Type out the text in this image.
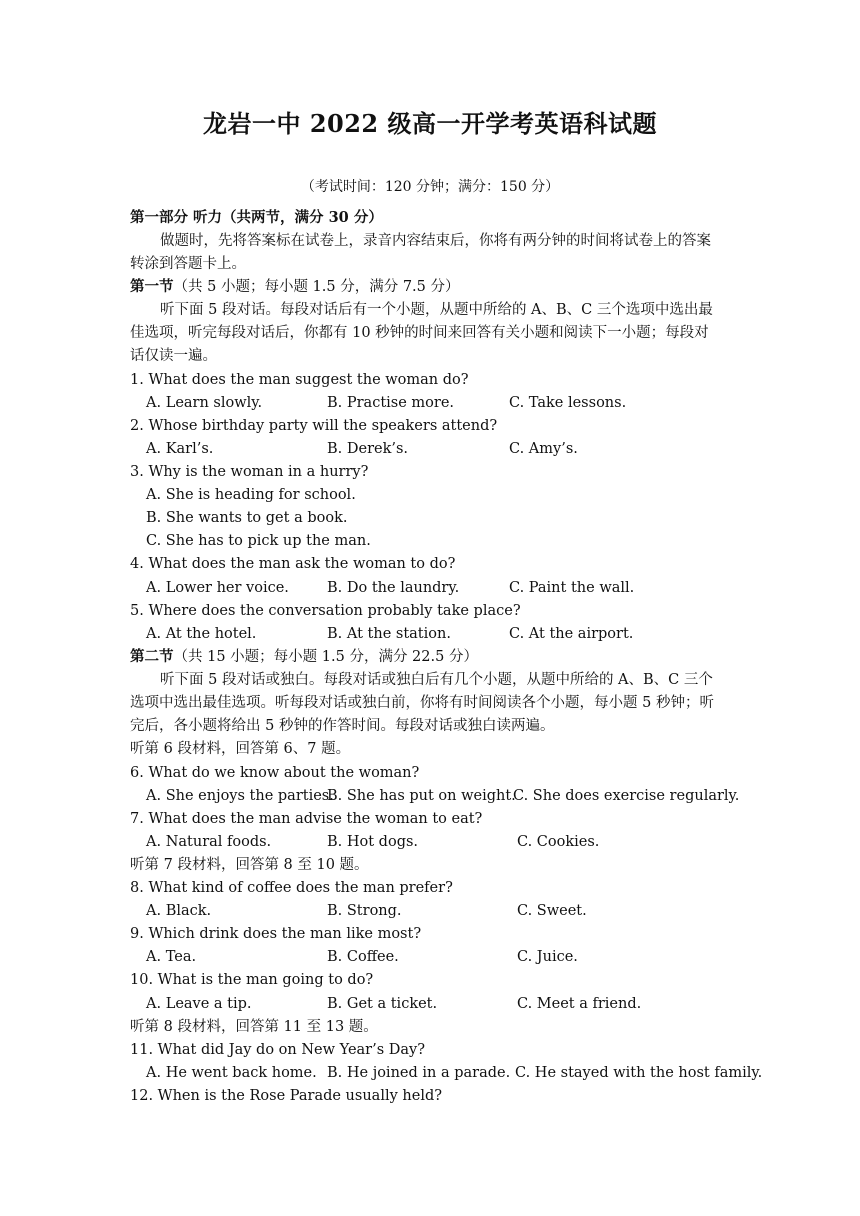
龙岩一中 2022 级高一开学考英语科试题
（考试时间：120 分钟；满分：150 分）
第一部分 听力（共两节，满分 30 分）
做题时，先将答案标在试卷上，录音内容结束后，你将有两分钟的时间将试卷上的答案
转涂到答题卡上。
第一节（共 5 小题；每小题 1.5 分，满分 7.5 分）
听下面 5 段对话。每段对话后有一个小题，从题中所给的 A、B、C 三个选项中选出最
佳选项，听完每段对话后，你都有 10 秒钟的时间来回答有关小题和阅读下一小题；每段对
话仅读一遍。
1. What does the man suggest the woman do?
A. Learn slowly.	B. Practise more.	C. Take lessons.
2. Whose birthday party will the speakers attend?
A. Karl’s.	B. Derek’s.	C. Amy’s.
3. Why is the woman in a hurry?
A. She is heading for school.
B. She wants to get a book.
C. She has to pick up the man.
4. What does the man ask the woman to do?
A. Lower her voice.	B. Do the laundry.	C. Paint the wall.
5. Where does the conversation probably take place?
A. At the hotel.	B. At the station.	C. At the airport.
第二节（共 15 小题；每小题 1.5 分，满分 22.5 分）
听下面 5 段对话或独白。每段对话或独白后有几个小题，从题中所给的 A、B、C 三个
选项中选出最佳选项。听每段对话或独白前，你将有时间阅读各个小题，每小题 5 秒钟；听
完后，各小题将给出 5 秒钟的作答时间。每段对话或独白读两遍。
听第 6 段材料，回答第 6、7 题。
6. What do we know about the woman?
A. She enjoys the parties.
B. She has put on weight.
C. She does exercise regularly.
7. What does the man advise the woman to eat?
A. Natural foods.	B. Hot dogs.	C. Cookies.
听第 7 段材料，回答第 8 至 10 题。
8. What kind of coffee does the man prefer?
A. Black.	B. Strong.	C. Sweet.
9. Which drink does the man like most?
A. Tea.	B. Coffee.	C. Juice.
10. What is the man going to do?
A. Leave a tip.	B. Get a ticket.	C. Meet a friend.
听第 8 段材料，回答第 11 至 13 题。
11. What did Jay do on New Year’s Day?
A. He went back home. B. He joined in a parade. C. He stayed with the host family.
12. When is the Rose Parade usually held?
